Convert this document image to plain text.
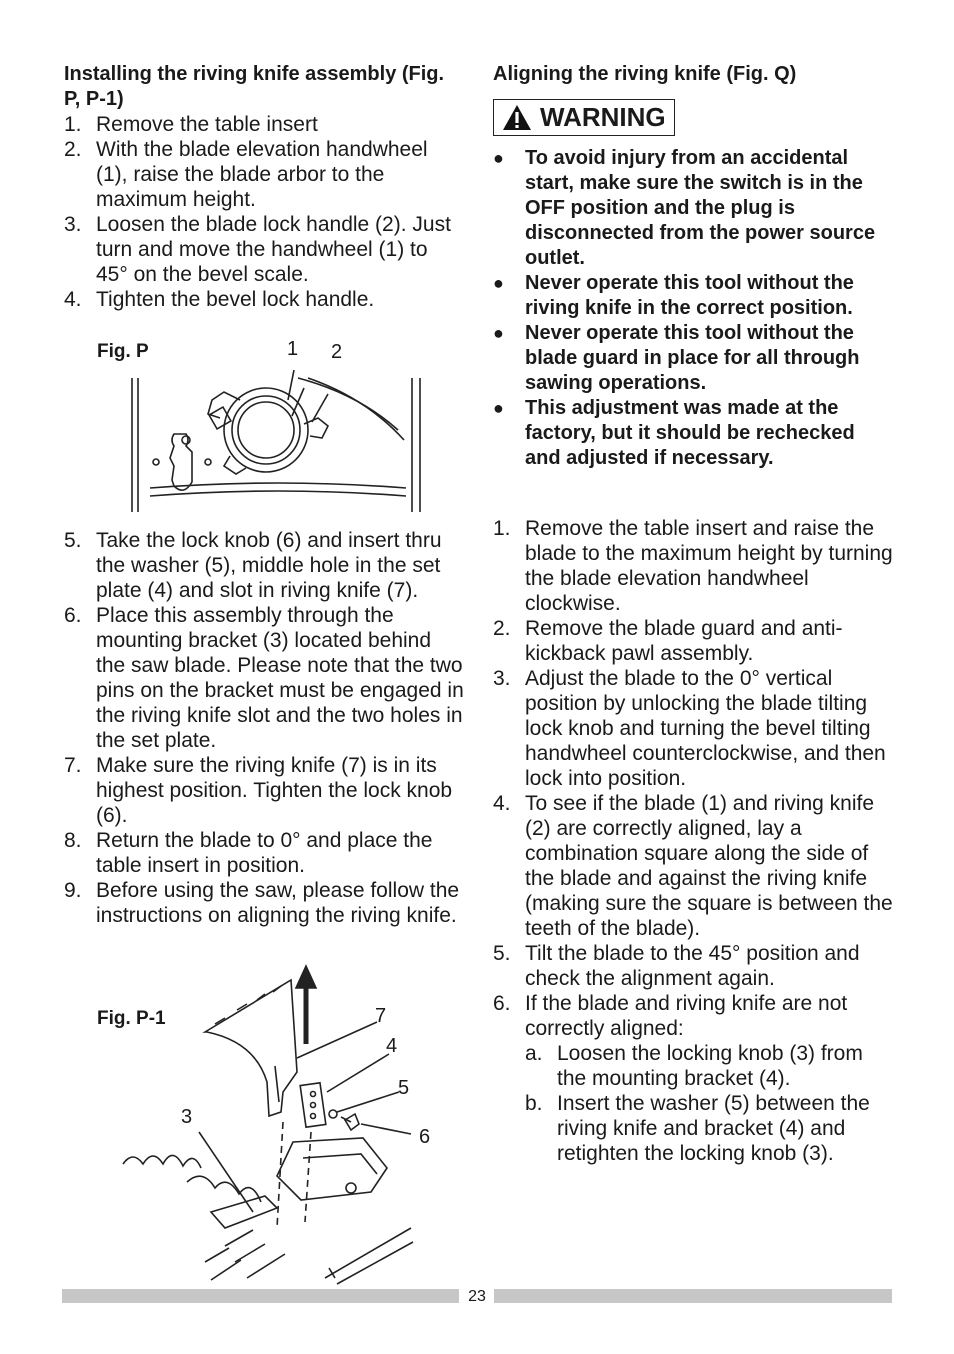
Installing the riving knife assembly (Fig. P, P-1)

1. Remove the table insert
2. With the blade elevation handwheel (1), raise the blade arbor to the maximum height.
3. Loosen the blade lock handle (2). Just turn and move the handwheel (1) to 45° on the bevel scale.
4. Tighten the bevel lock handle.
Fig. P	1 2
5. Take the lock knob (6) and insert thru the washer (5), middle hole in the set plate (4) and slot in riving knife (7).
6. Place this assembly through the mounting bracket (3) located behind the saw blade. Please note that the two pins on the bracket must be engaged in the riving knife slot and the two holes in the set plate.
7. Make sure the riving knife (7) is in its highest position. Tighten the lock knob (6).
8. Return the blade to 0° and place the table insert in position.
9. Before using the saw, please follow the instructions on aligning the riving knife.
Fig. P-1	7
4
5
3
6

Aligning the riving knife (Fig. Q)

WARNING
● To avoid injury from an accidental start, make sure the switch is in the OFF position and the plug is disconnected from the power source outlet.
● Never operate this tool without the riving knife in the correct position.
● Never operate this tool without the blade guard in place for all through sawing operations.
● This adjustment was made at the factory, but it should be rechecked and adjusted if necessary.
1. Remove the table insert and raise the blade to the maximum height by turning the blade elevation handwheel clockwise.
2. Remove the blade guard and anti-kickback pawl assembly.
3. Adjust the blade to the 0° vertical position by unlocking the blade tilting lock knob and turning the bevel tilting handwheel counterclockwise, and then lock into position.
4. To see if the blade (1) and riving knife (2) are correctly aligned, lay a combination square along the side of the blade and against the riving knife (making sure the square is between the teeth of the blade).
5. Tilt the blade to the 45° position and check the alignment again.
6. If the blade and riving knife are not correctly aligned:
a. Loosen the locking knob (3) from the mounting bracket (4).
b. Insert the washer (5) between the riving knife and bracket (4) and retighten the locking knob (3).
23
